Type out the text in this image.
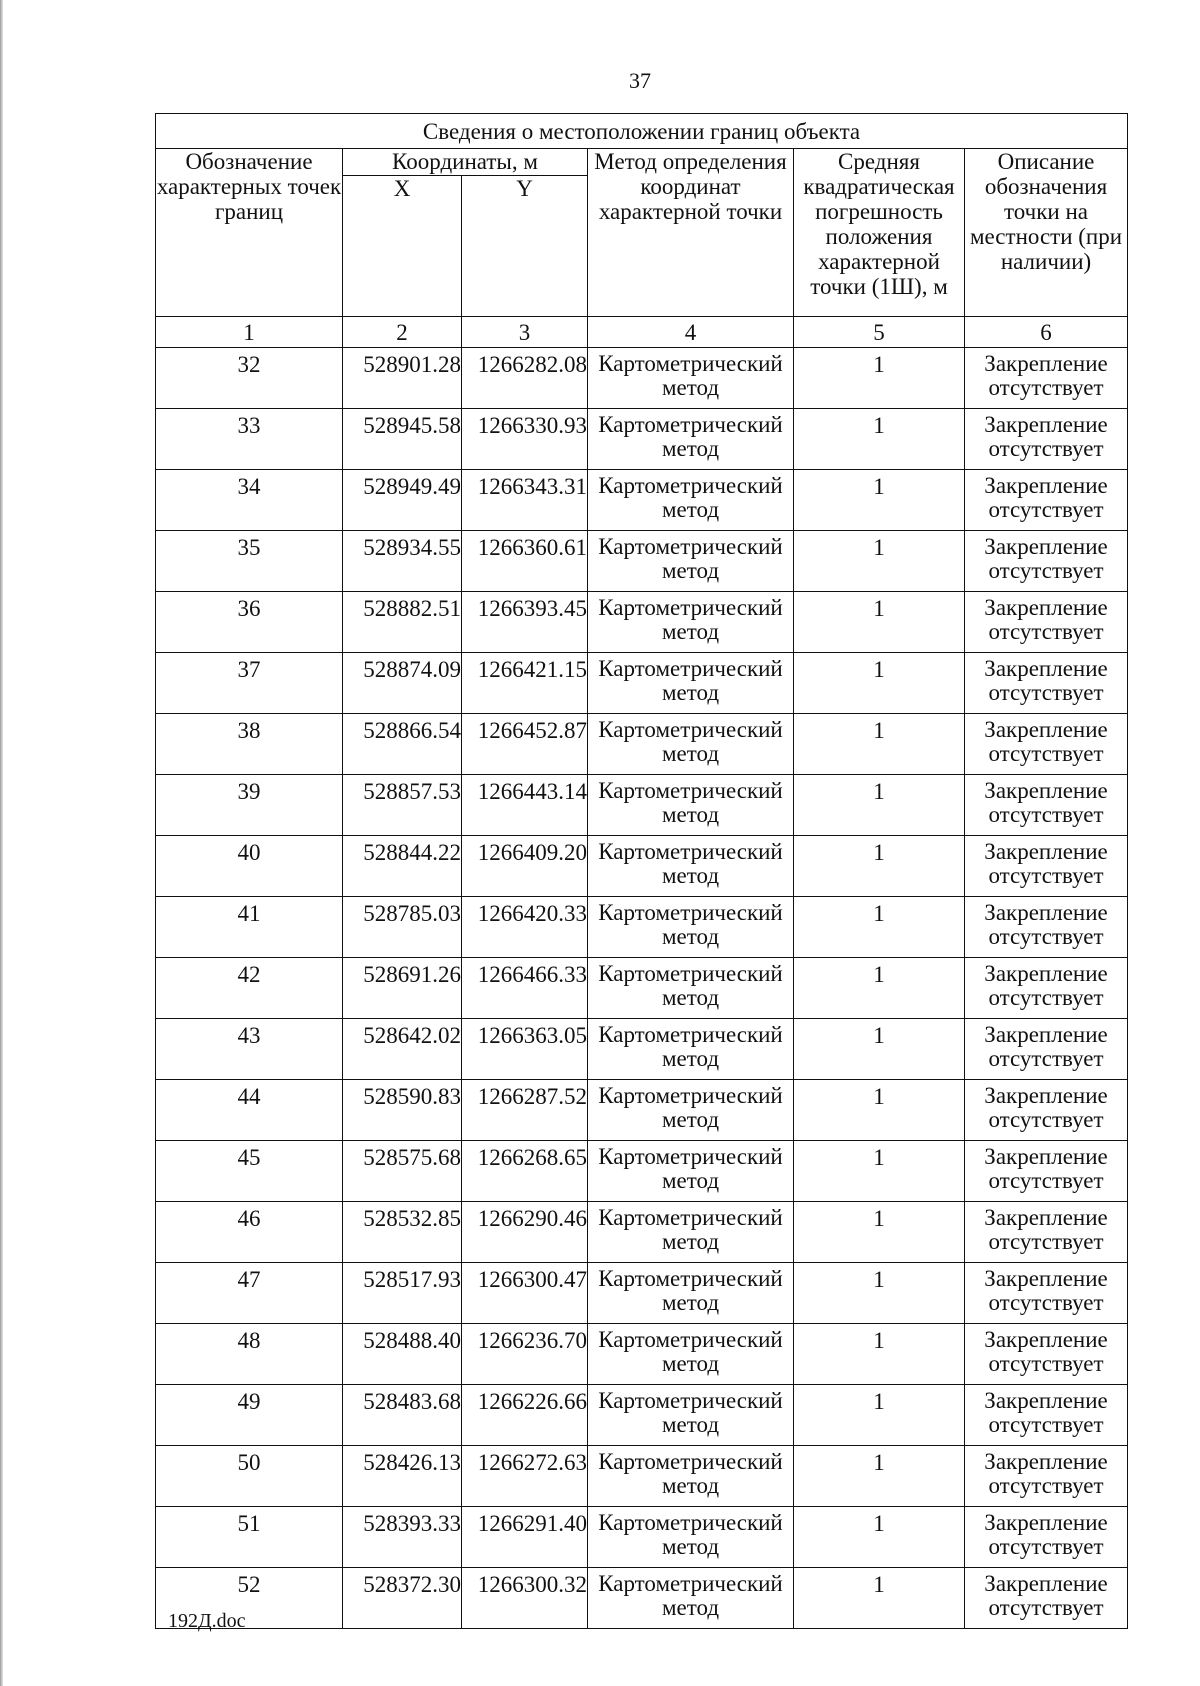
37
Сведения о местоположении границ объекта					
Обозначение характерных точек границ	Координаты, м		Метод определения координат характерной точки	Средняя квадратическая погрешность положения характерной точки (1Ш), м	Описание обозначения точки на местности (при наличии)
	X	Y			
1	2	3	4	5	6
32	528901.28	1266282.08	Картометрический метод	1	Закрепление отсутствует
33	528945.58	1266330.93	Картометрический метод	1	Закрепление отсутствует
34	528949.49	1266343.31	Картометрический метод	1	Закрепление отсутствует
35	528934.55	1266360.61	Картометрический метод	1	Закрепление отсутствует
36	528882.51	1266393.45	Картометрический метод	1	Закрепление отсутствует
37	528874.09	1266421.15	Картометрический метод	1	Закрепление отсутствует
38	528866.54	1266452.87	Картометрический метод	1	Закрепление отсутствует
39	528857.53	1266443.14	Картометрический метод	1	Закрепление отсутствует
40	528844.22	1266409.20	Картометрический метод	1	Закрепление отсутствует
41	528785.03	1266420.33	Картометрический метод	1	Закрепление отсутствует
42	528691.26	1266466.33	Картометрический метод	1	Закрепление отсутствует
43	528642.02	1266363.05	Картометрический метод	1	Закрепление отсутствует
44	528590.83	1266287.52	Картометрический метод	1	Закрепление отсутствует
45	528575.68	1266268.65	Картометрический метод	1	Закрепление отсутствует
46	528532.85	1266290.46	Картометрический метод	1	Закрепление отсутствует
47	528517.93	1266300.47	Картометрический метод	1	Закрепление отсутствует
48	528488.40	1266236.70	Картометрический метод	1	Закрепление отсутствует
49	528483.68	1266226.66	Картометрический метод	1	Закрепление отсутствует
50	528426.13	1266272.63	Картометрический метод	1	Закрепление отсутствует
51	528393.33	1266291.40	Картометрический метод	1	Закрепление отсутствует
52	528372.30	1266300.32	Картометрический метод	1	Закрепление отсутствует
192Д.doc
